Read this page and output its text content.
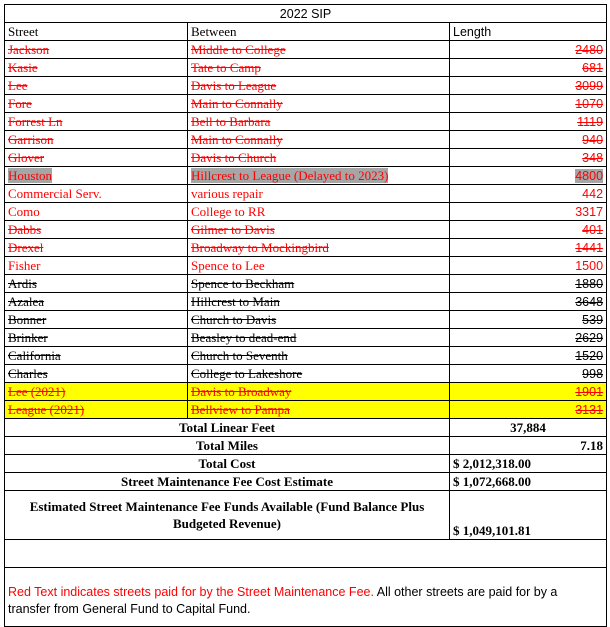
2022 SIP		
Street	Between	Length
Jackson	Middle to College	2480
Kasie	Tate to Camp	681
Lee	Davis to League	3099
Fore	Main to Connally	1070
Forrest Ln	Bell to Barbara	1119
Garrison	Main to Connally	940
Glover	Davis to Church	348
Houston	Hillcrest to League (Delayed to 2023)	4800
Commercial Serv.	various repair	442
Como	College to RR	3317
Dabbs	Gilmer to Davis	401
Drexel	Broadway to Mockingbird	1441
Fisher	Spence to Lee	1500
Ardis	Spence to Beckham	1880
Azalea	Hillcrest to Main	3648
Bonner	Church to Davis	539
Brinker	Beasley to dead-end	2629
California	Church to Seventh	1520
Charles	College to Lakeshore	998
Lee (2021)	Davis to Broadway	1901
League (2021)	Bellview to Pampa	3131
Total Linear Feet		37,884
Total Miles		7.18
Total Cost		$ 2,012,318.00
Street Maintenance Fee Cost Estimate		$ 1,072,668.00
Estimated Street Maintenance Fee Funds Available (Fund Balance Plus Budgeted Revenue)		$ 1,049,101.81

Red Text indicates streets paid for by the Street Maintenance Fee. All other streets are paid for by a transfer from General Fund to Capital Fund.		
